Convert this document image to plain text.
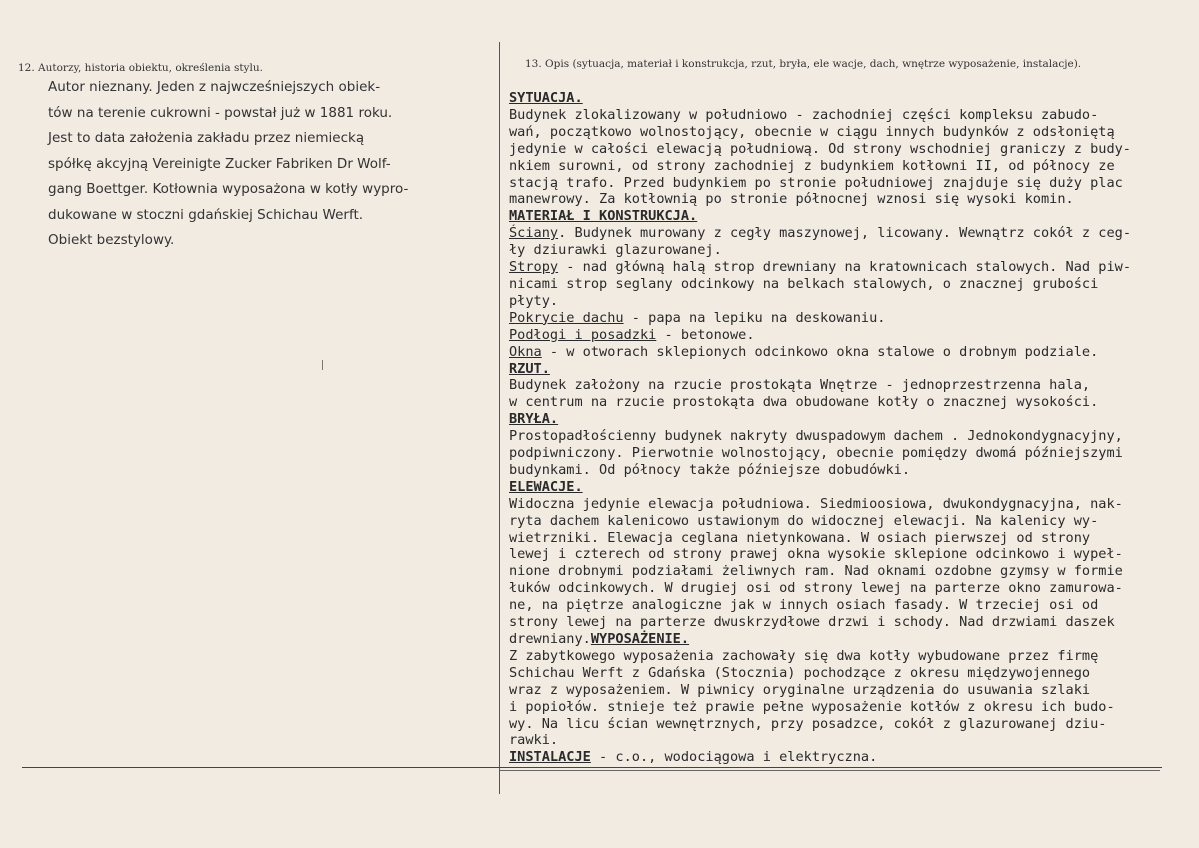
12. Autorzy, historia obiektu, określenia stylu.	13. Opis (sytuacja, materiał i konstrukcja, rzut, bryła, ele wacje, dach, wnętrze wyposażenie, instalacje).
Autor nieznany. Jeden z najwcześniejszych obiek-
tów na terenie cukrowni - powstał już w 1881 roku.
Jest to data założenia zakładu przez niemiecką
spółkę akcyjną Vereinigte Zucker Fabriken Dr Wolf-
gang Boettger. Kotłownia wyposażona w kotły wypro-
dukowane w stoczni gdańskiej Schichau Werft.
Obiekt bezstylowy.
SYTUACJA.
Budynek zlokalizowany w południowo - zachodniej części kompleksu zabudo-
wań, początkowo wolnostojący, obecnie w ciągu innych budynków z odsłoniętą
jedynie w całości elewacją południową. Od strony wschodniej graniczy z budy-
nkiem surowni, od strony zachodniej z budynkiem kotłowni II, od północy ze
stacją trafo. Przed budynkiem po stronie południowej znajduje się duży plac
manewrowy. Za kotłownią po stronie północnej wznosi się wysoki komin.
MATERIAŁ I KONSTRUKCJA.
Ściany. Budynek murowany z cegły maszynowej, licowany. Wewnątrz cokół z ceg-
ły dziurawki glazurowanej.
Stropy - nad główną halą strop drewniany na kratownicach stalowych. Nad piw-
nicami strop seglany odcinkowy na belkach stalowych, o znacznej grubości
płyty.
Pokrycie dachu - papa na lepiku na deskowaniu.
Podłogi i posadzki - betonowe.
Okna - w otworach sklepionych odcinkowo okna stalowe o drobnym podziale.
RZUT.
Budynek założony na rzucie prostokąta Wnętrze - jednoprzestrzenna hala,
w centrum na rzucie prostokąta dwa obudowane kotły o znacznej wysokości.
BRYŁA.
Prostopadłościenny budynek nakryty dwuspadowym dachem . Jednokondygnacyjny,
podpiwniczony. Pierwotnie wolnostojący, obecnie pomiędzy dwomá późniejszymi
budynkami. Od północy także późniejsze dobudówki.
ELEWACJE.
Widoczna jedynie elewacja południowa. Siedmioosiowa, dwukondygnacyjna, nak-
ryta dachem kalenicowo ustawionym do widocznej elewacji. Na kalenicy wy-
wietrzniki. Elewacja ceglana nietynkowana. W osiach pierwszej od strony
lewej i czterech od strony prawej okna wysokie sklepione odcinkowo i wypeł-
nione drobnymi podziałami żeliwnych ram. Nad oknami ozdobne gzymsy w formie
łuków odcinkowych. W drugiej osi od strony lewej na parterze okno zamurowa-
ne, na piętrze analogiczne jak w innych osiach fasady. W trzeciej osi od
strony lewej na parterze dwuskrzydłowe drzwi i schody. Nad drzwiami daszek
drewniany.WYPOSAŻENIE.
Z zabytkowego wyposażenia zachowały się dwa kotły wybudowane przez firmę
Schichau Werft z Gdańska (Stocznia) pochodzące z okresu międzywojennego
wraz z wyposażeniem. W piwnicy oryginalne urządzenia do usuwania szlaki
i popiołów. stnieje też prawie pełne wyposażenie kotłów z okresu ich budo-
wy. Na licu ścian wewnętrznych, przy posadzce, cokół z glazurowanej dziu-
rawki.
INSTALACJE - c.o., wodociągowa i elektryczna.
